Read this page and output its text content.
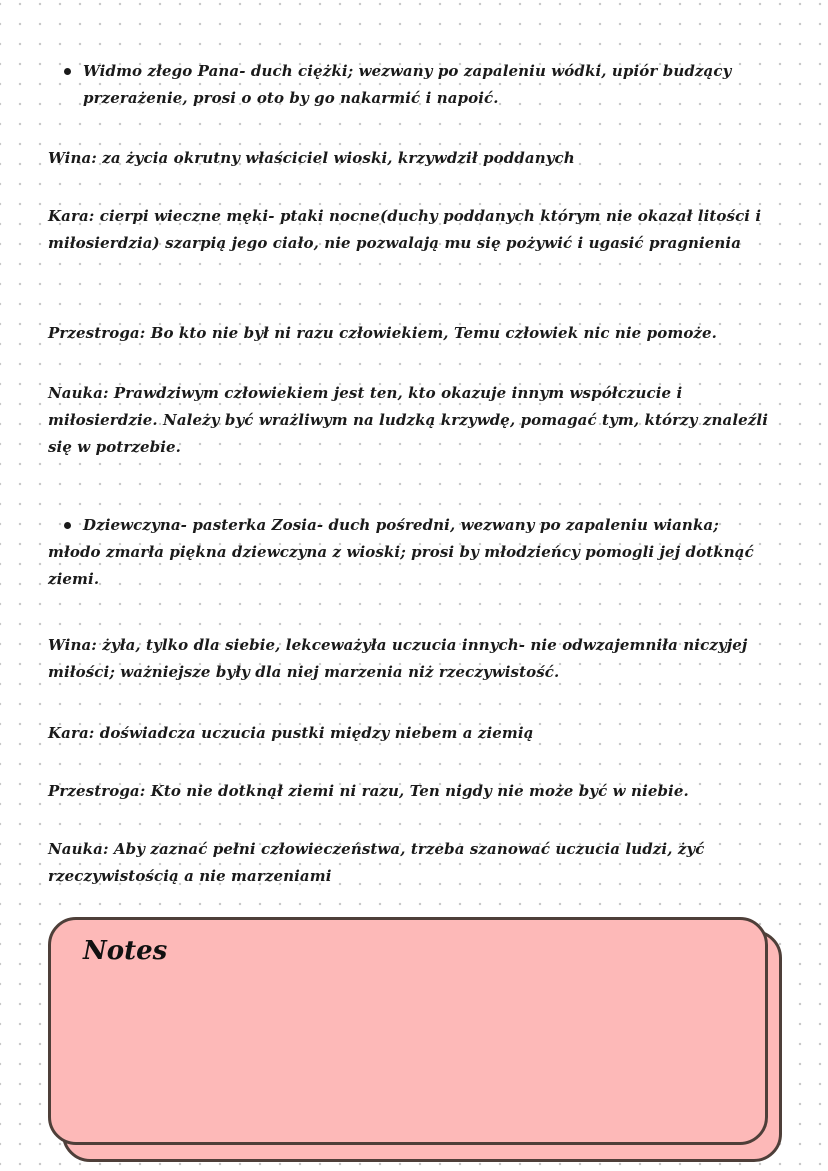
Widmo złego Pana- duch ciężki; wezwany po zapaleniu wódki, upiór budzący przerażenie, prosi o oto by go nakarmić i napoić.
Wina: za życia okrutny właściciel wioski, krzywdził poddanych
Kara: cierpi wieczne męki- ptaki nocne(duchy poddanych którym nie okazał litości i miłosierdzia) szarpią jego ciało, nie pozwalają mu się pożywić i ugasić pragnienia
Przestroga: Bo kto nie był ni razu człowiekiem, Temu człowiek nic nie pomoże.
Nauka: Prawdziwym człowiekiem jest ten, kto okazuje innym współczucie i miłosierdzie. Należy być wrażliwym na ludzką krzywdę, pomagać tym, którzy znaleźli się w potrzebie.
Dziewczyna- pasterka Zosia- duch pośredni, wezwany po zapaleniu wianka;
młodo zmarła piękna dziewczyna z wioski; prosi by młodzieńcy pomogli jej dotknąć ziemi.
Wina: żyła, tylko dla siebie, lekceważyła uczucia innych- nie odwzajemniła niczyjej miłości; ważniejsze były dla niej marzenia niż rzeczywistość.
Kara: doświadcza uczucia pustki między niebem a ziemią
Przestroga: Kto nie dotknął ziemi ni razu, Ten nigdy nie może być w niebie.
Nauka: Aby zaznać pełni człowieczeństwa, trzeba szanować uczucia ludzi, żyć rzeczywistością a nie marzeniami
Notes
